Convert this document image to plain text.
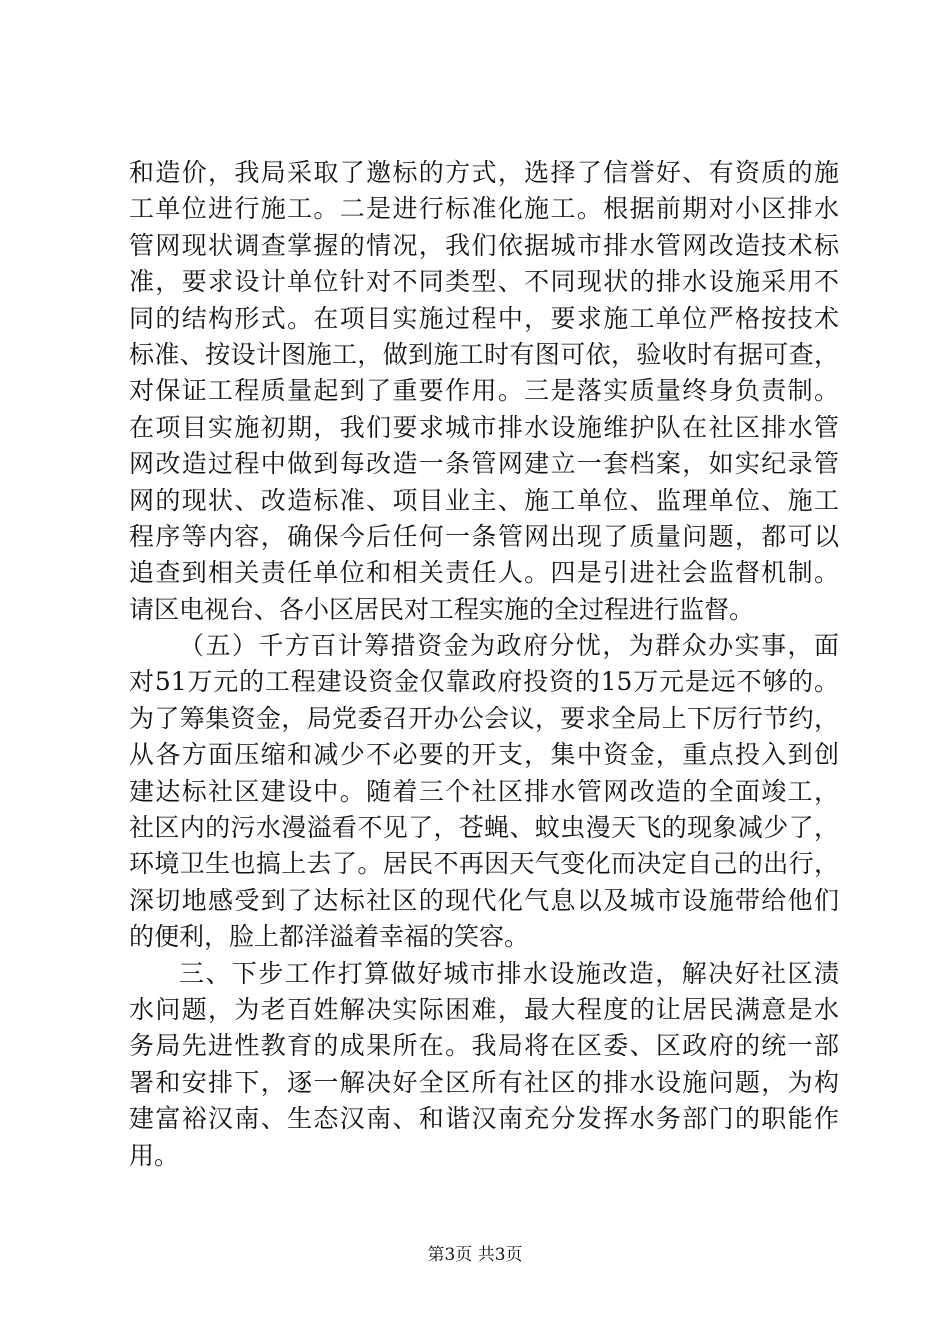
和造价，我局采取了邀标的方式，选择了信誉好、有资质的施
工单位进行施工。二是进行标准化施工。根据前期对小区排水
管网现状调查掌握的情况，我们依据城市排水管网改造技术标
准，要求设计单位针对不同类型、不同现状的排水设施采用不
同的结构形式。在项目实施过程中，要求施工单位严格按技术
标准、按设计图施工，做到施工时有图可依，验收时有据可查，
对保证工程质量起到了重要作用。三是落实质量终身负责制。
在项目实施初期，我们要求城市排水设施维护队在社区排水管
网改造过程中做到每改造一条管网建立一套档案，如实纪录管
网的现状、改造标准、项目业主、施工单位、监理单位、施工
程序等内容，确保今后任何一条管网出现了质量问题，都可以
追查到相关责任单位和相关责任人。四是引进社会监督机制。
请区电视台、各小区居民对工程实施的全过程进行监督。
（五）千方百计筹措资金为政府分忧，为群众办实事，面
对51万元的工程建设资金仅靠政府投资的15万元是远不够的。
为了筹集资金，局党委召开办公会议，要求全局上下厉行节约，
从各方面压缩和减少不必要的开支，集中资金，重点投入到创
建达标社区建设中。随着三个社区排水管网改造的全面竣工，
社区内的污水漫溢看不见了，苍蝇、蚊虫漫天飞的现象减少了，
环境卫生也搞上去了。居民不再因天气变化而决定自己的出行，
深切地感受到了达标社区的现代化气息以及城市设施带给他们
的便利，脸上都洋溢着幸福的笑容。
三、下步工作打算做好城市排水设施改造，解决好社区渍
水问题，为老百姓解决实际困难，最大程度的让居民满意是水
务局先进性教育的成果所在。我局将在区委、区政府的统一部
署和安排下，逐一解决好全区所有社区的排水设施问题，为构
建富裕汉南、生态汉南、和谐汉南充分发挥水务部门的职能作
用。
第3页 共3页
